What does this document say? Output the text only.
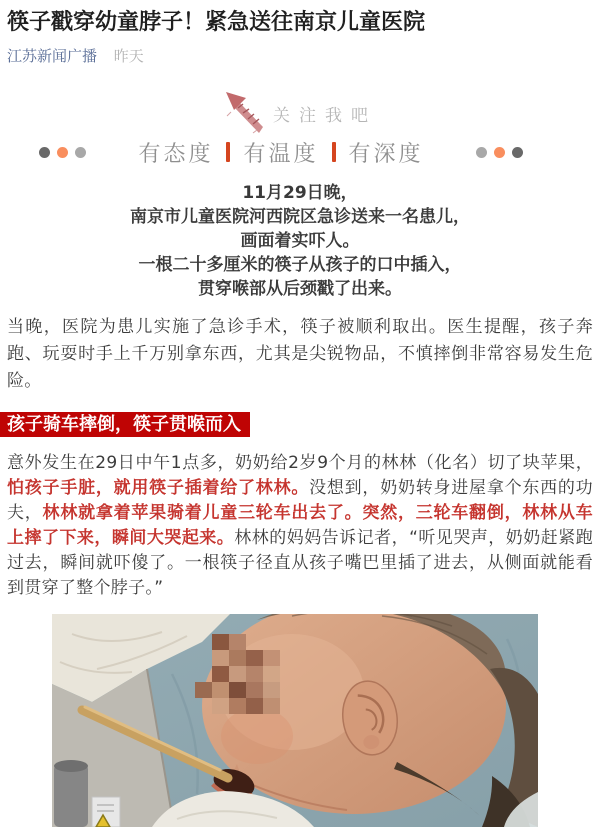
筷子戳穿幼童脖子！紧急送往南京儿童医院
江苏新闻广播 昨天
关注我吧
有态度 有温度 有深度
11月29日晚，
南京市儿童医院河西院区急诊送来一名患儿，
画面着实吓人。
一根二十多厘米的筷子从孩子的口中插入，
贯穿喉部从后颈戳了出来。

当晚，医院为患儿实施了急诊手术，筷子被顺利取出。医生提醒，孩子奔跑、玩耍时手上千万别拿东西，尤其是尖锐物品，不慎摔倒非常容易发生危险。

孩子骑车摔倒，筷子贯喉而入

意外发生在29日中午1点多，奶奶给2岁9个月的林林（化名）切了块苹果，怕孩子手脏，就用筷子插着给了林林。没想到，奶奶转身进屋拿个东西的功夫，林林就拿着苹果骑着儿童三轮车出去了。突然，三轮车翻倒，林林从车上摔了下来，瞬间大哭起来。林林的妈妈告诉记者，“听见哭声，奶奶赶紧跑过去，瞬间就吓傻了。一根筷子径直从孩子嘴巴里插了进去，从侧面就能看到贯穿了整个脖子。”
